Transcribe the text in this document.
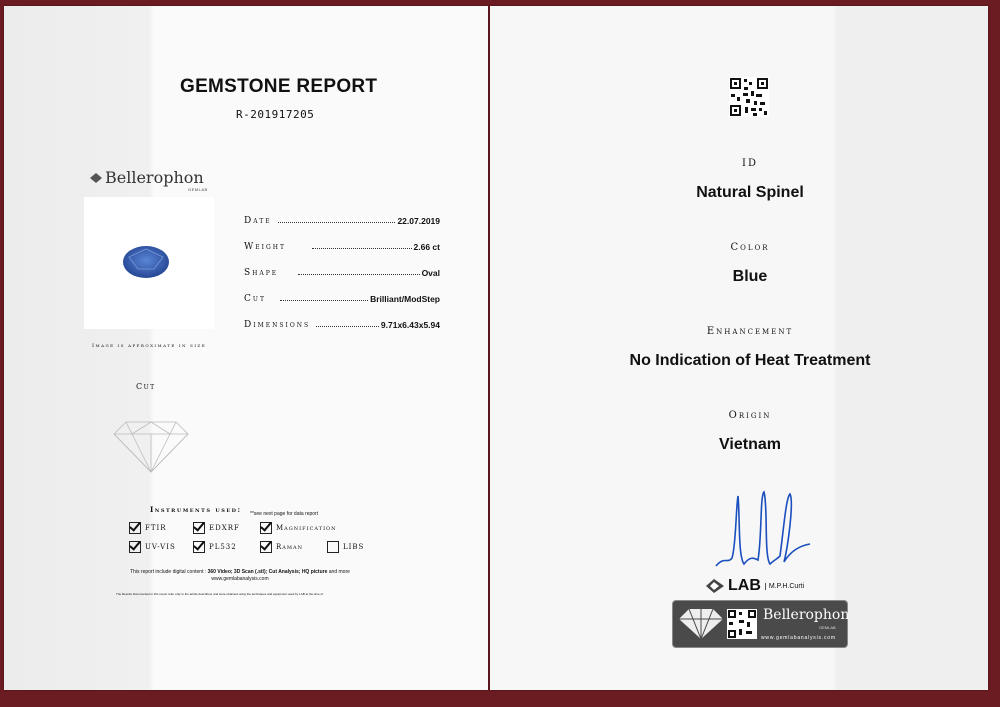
GEMSTONE REPORT
R-201917205
Bellerophon
GEMLAB
Image is approximate in size
Cut
Date	22.07.2019
Weight	2.66 ct
Shape	Oval
Cut	Brilliant/ModStep
Dimensions	9.71x6.43x5.94
Instruments used: **see next page for data report
FTIR	EDXRF	Magnification
UV-VIS	PL532	Raman	LIBS
This report include digital content : 360 Video; 3D Scan (.stl); Cut Analysis; HQ picture and more
www.gemlabanalysis.com
The Results Documented in this report refer only to the article described, and were obtained using the techniques and equipment used by LAB at the time of
ID
Natural Spinel
Color
Blue
Enhancement
No Indication of Heat Treatment
Origin
Vietnam
LAB	M.P.H.Curti
Bellerophon
GEMLAB
www.gemlabanalysis.com
